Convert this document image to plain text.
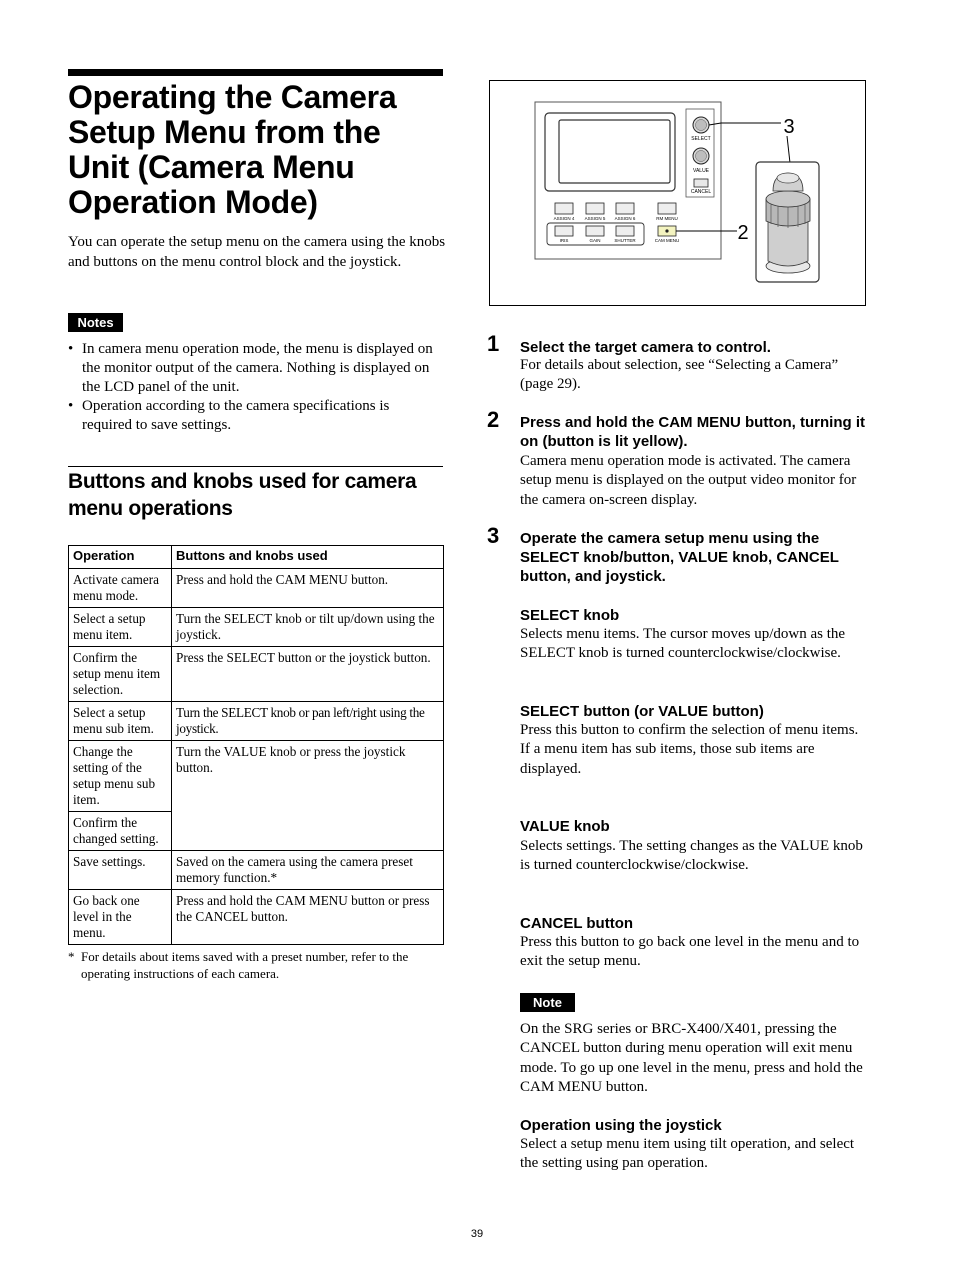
Operating the Camera Setup Menu from the Unit (Camera Menu Operation Mode)

You can operate the setup menu on the camera using the knobs and buttons on the menu control block and the joystick.

Notes
• In camera menu operation mode, the menu is displayed on the monitor output of the camera. Nothing is displayed on the LCD panel of the unit.
• Operation according to the camera specifications is required to save settings.
Buttons and knobs used for camera menu operations
Operation	Buttons and knobs used
Activate camera menu mode.	Press and hold the CAM MENU button.
Select a setup menu item.	Turn the SELECT knob or tilt up/down using the joystick.
Confirm the setup menu item selection.	Press the SELECT button or the joystick button.
Select a setup menu sub item.	Turn the SELECT knob or pan left/right using the joystick.
Change the setting of the setup menu sub item.	Turn the VALUE knob or press the joystick button.
Confirm the changed setting.	
Save settings.	Saved on the camera using the camera preset memory function.*
Go back one level in the menu.	Press and hold the CAM MENU button or press the CANCEL button.
* For details about items saved with a preset number, refer to the operating instructions of each camera.
SELECT
VALUE
CANCEL
ASSIGN 4 ASSIGN 5 ASSIGN 6	RM MENU
IRIS	GAIN	SHUTTER	CAM MENU
3
2
1 Select the target camera to control.
For details about selection, see “Selecting a Camera” (page 29).
2 Press and hold the CAM MENU button, turning it on (button is lit yellow).
Camera menu operation mode is activated. The camera setup menu is displayed on the output video monitor for the camera on-screen display.
3 Operate the camera setup menu using the SELECT knob/button, VALUE knob, CANCEL button, and joystick.
SELECT knob
Selects menu items. The cursor moves up/down as the SELECT knob is turned counterclockwise/clockwise.
SELECT button (or VALUE button)
Press this button to confirm the selection of menu items. If a menu item has sub items, those sub items are displayed.
VALUE knob
Selects settings. The setting changes as the VALUE knob is turned counterclockwise/clockwise.
CANCEL button
Press this button to go back one level in the menu and to exit the setup menu.
Note
On the SRG series or BRC-X400/X401, pressing the CANCEL button during menu operation will exit menu mode. To go up one level in the menu, press and hold the CAM MENU button.
Operation using the joystick
Select a setup menu item using tilt operation, and select the setting using pan operation.
39
